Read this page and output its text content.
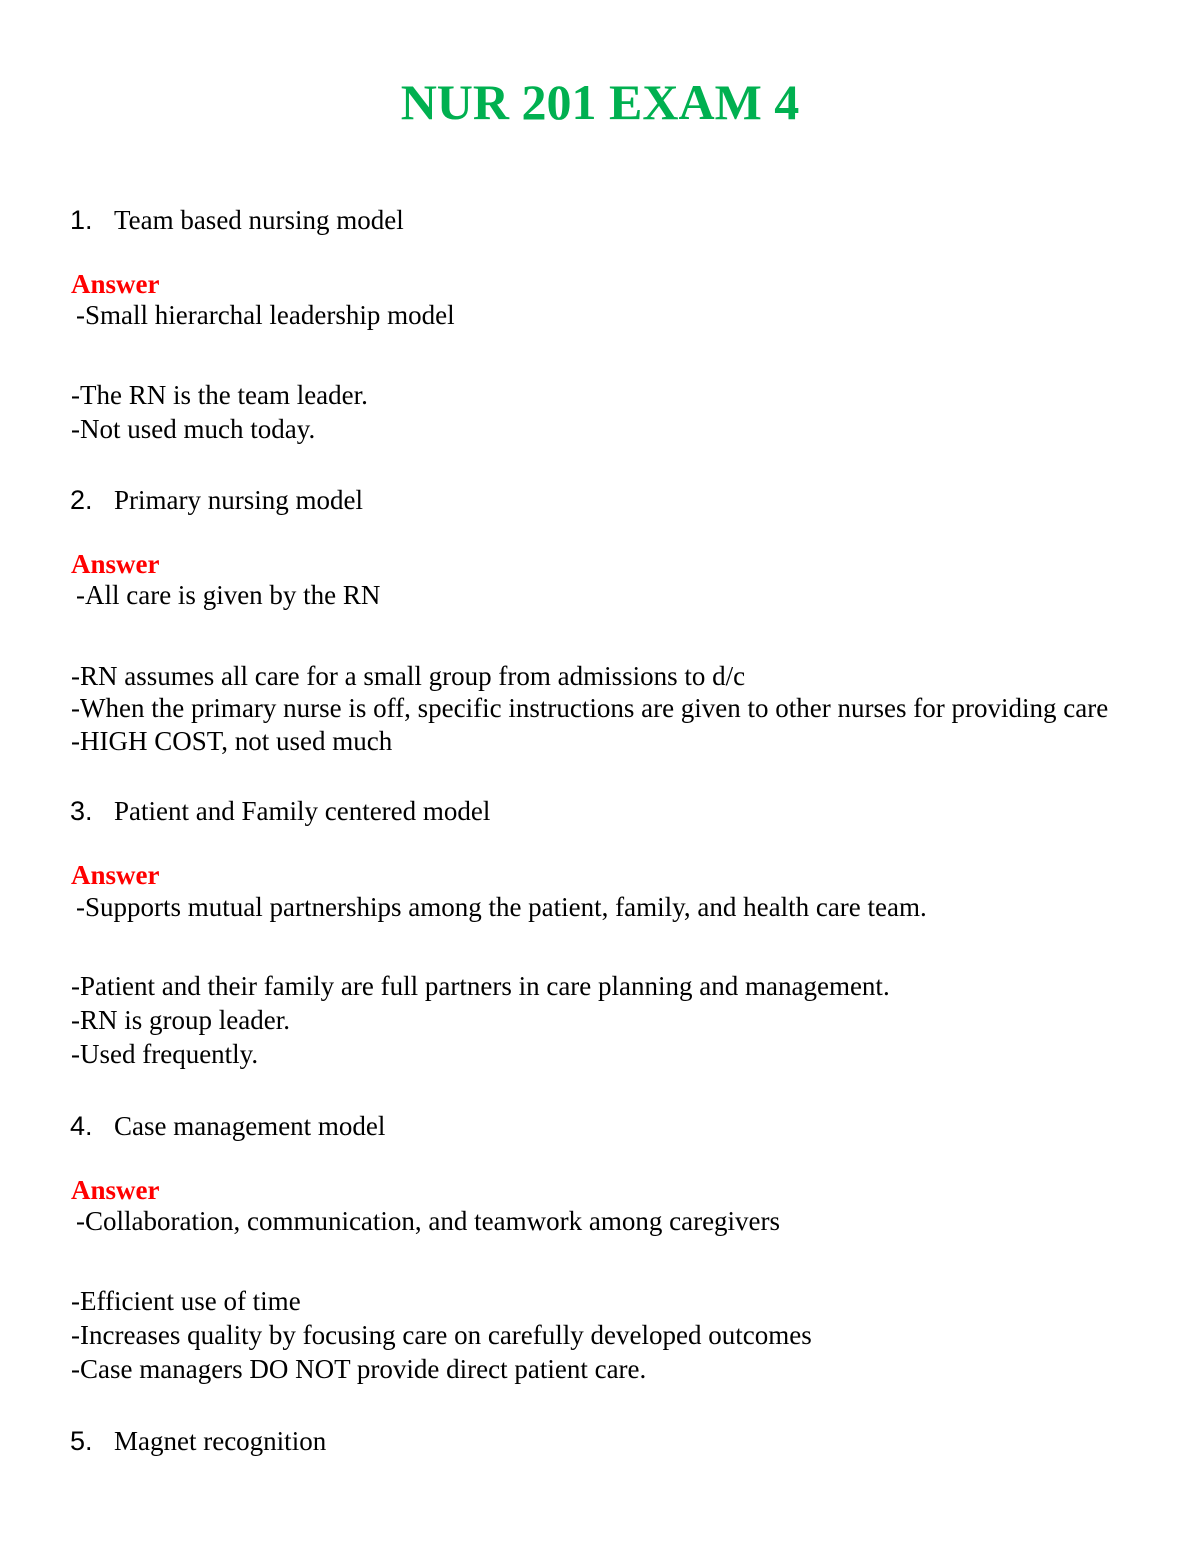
NUR 201 EXAM 4
1. Team based nursing model
Answer
-Small hierarchal leadership model
-The RN is the team leader.
-Not used much today.
2. Primary nursing model
Answer
-All care is given by the RN
-RN assumes all care for a small group from admissions to d/c
-When the primary nurse is off, specific instructions are given to other nurses for providing care
-HIGH COST, not used much
3. Patient and Family centered model
Answer
-Supports mutual partnerships among the patient, family, and health care team.
-Patient and their family are full partners in care planning and management.
-RN is group leader.
-Used frequently.
4. Case management model
Answer
-Collaboration, communication, and teamwork among caregivers
-Efficient use of time
-Increases quality by focusing care on carefully developed outcomes
-Case managers DO NOT provide direct patient care.
5. Magnet recognition
